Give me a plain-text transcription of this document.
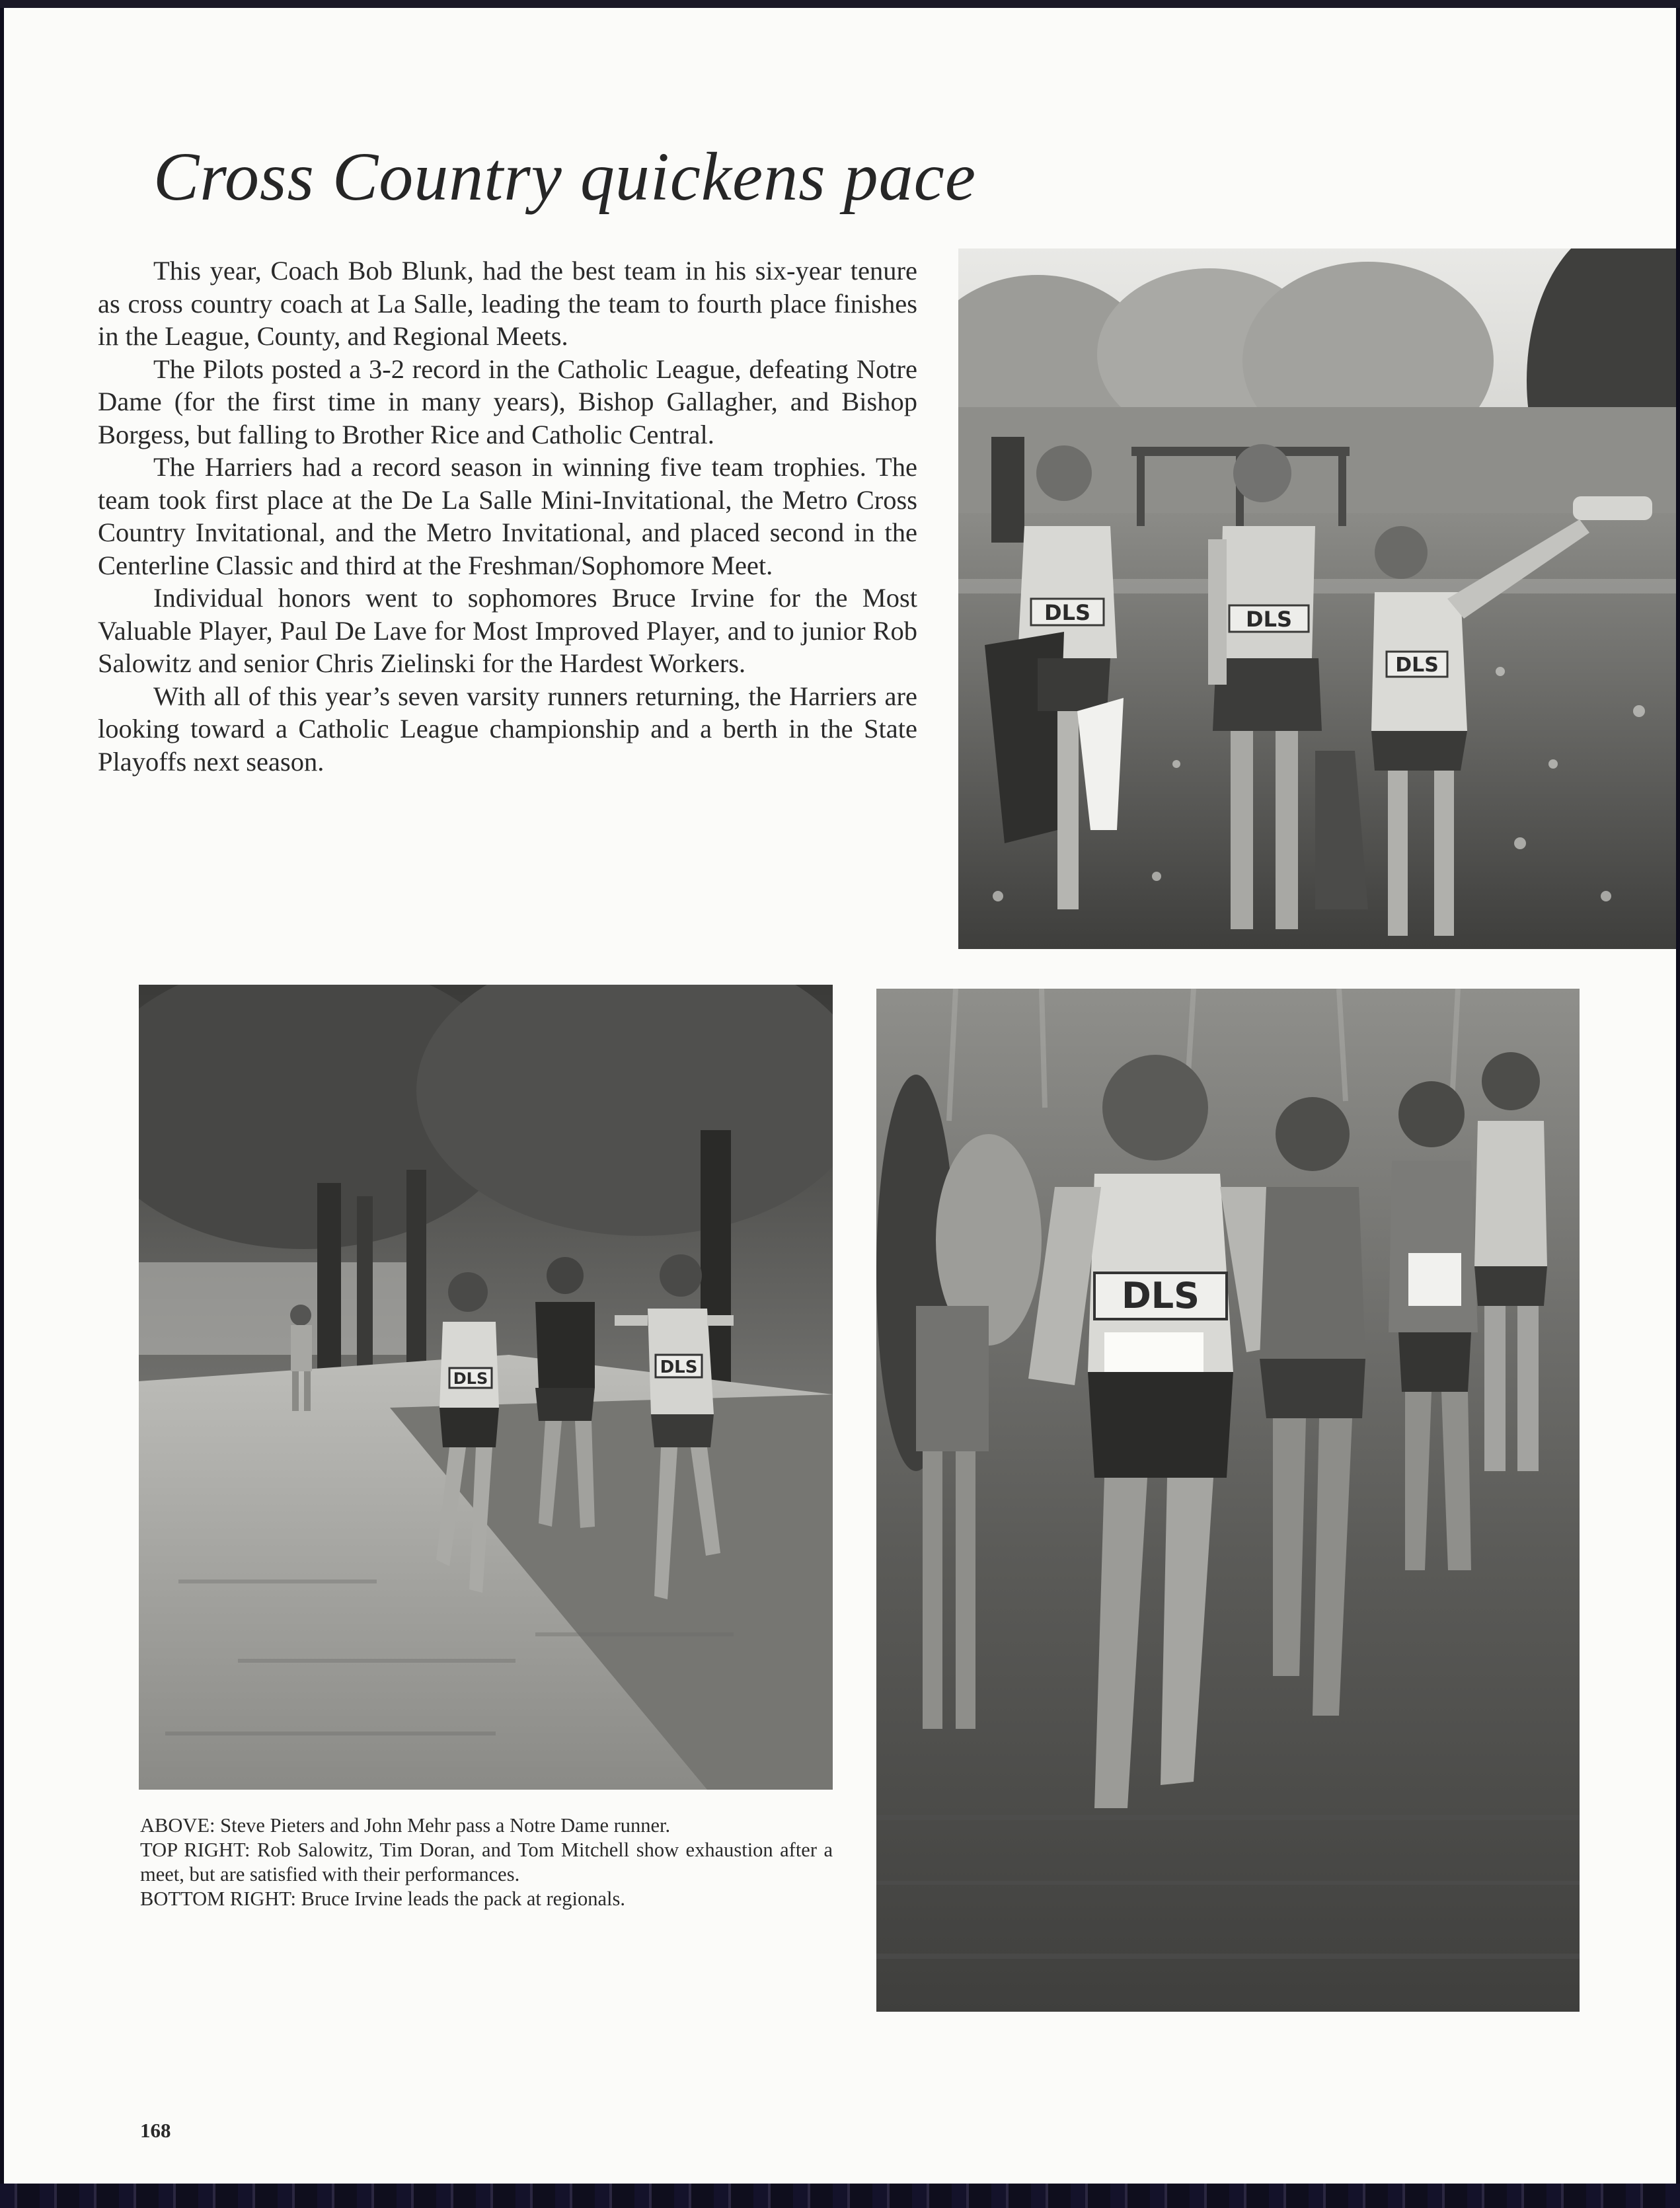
Cross Country quickens pace

This year, Coach Bob Blunk, had the best team in his six-year tenure as cross country coach at La Salle, leading the team to fourth place finishes in the League, County, and Regional Meets.

The Pilots posted a 3-2 record in the Catholic League, defeating Notre Dame (for the first time in many years), Bishop Gallagher, and Bishop Borgess, but falling to Brother Rice and Catholic Central.

The Harriers had a record season in winning five team trophies. The team took first place at the De La Salle Mini-Invitational, the Metro Cross Country Invitational, and the Metro Invitational, and placed second in the Centerline Classic and third at the Freshman/Sophomore Meet.

Individual honors went to sophomores Bruce Irvine for the Most Valuable Player, Paul De Lave for Most Improved Player, and to junior Rob Salowitz and senior Chris Zielinski for the Hardest Workers.

With all of this year’s seven varsity runners returning, the Harriers are looking toward a Catholic League championship and a berth in the State Playoffs next season.

DLS	DLS
DLS
DLS
DLS
DLS

ABOVE: Steve Pieters and John Mehr pass a Notre Dame runner.

TOP RIGHT: Rob Salowitz, Tim Doran, and Tom Mitchell show exhaustion after a meet, but are satisfied with their performances.

BOTTOM RIGHT: Bruce Irvine leads the pack at regionals.

168
